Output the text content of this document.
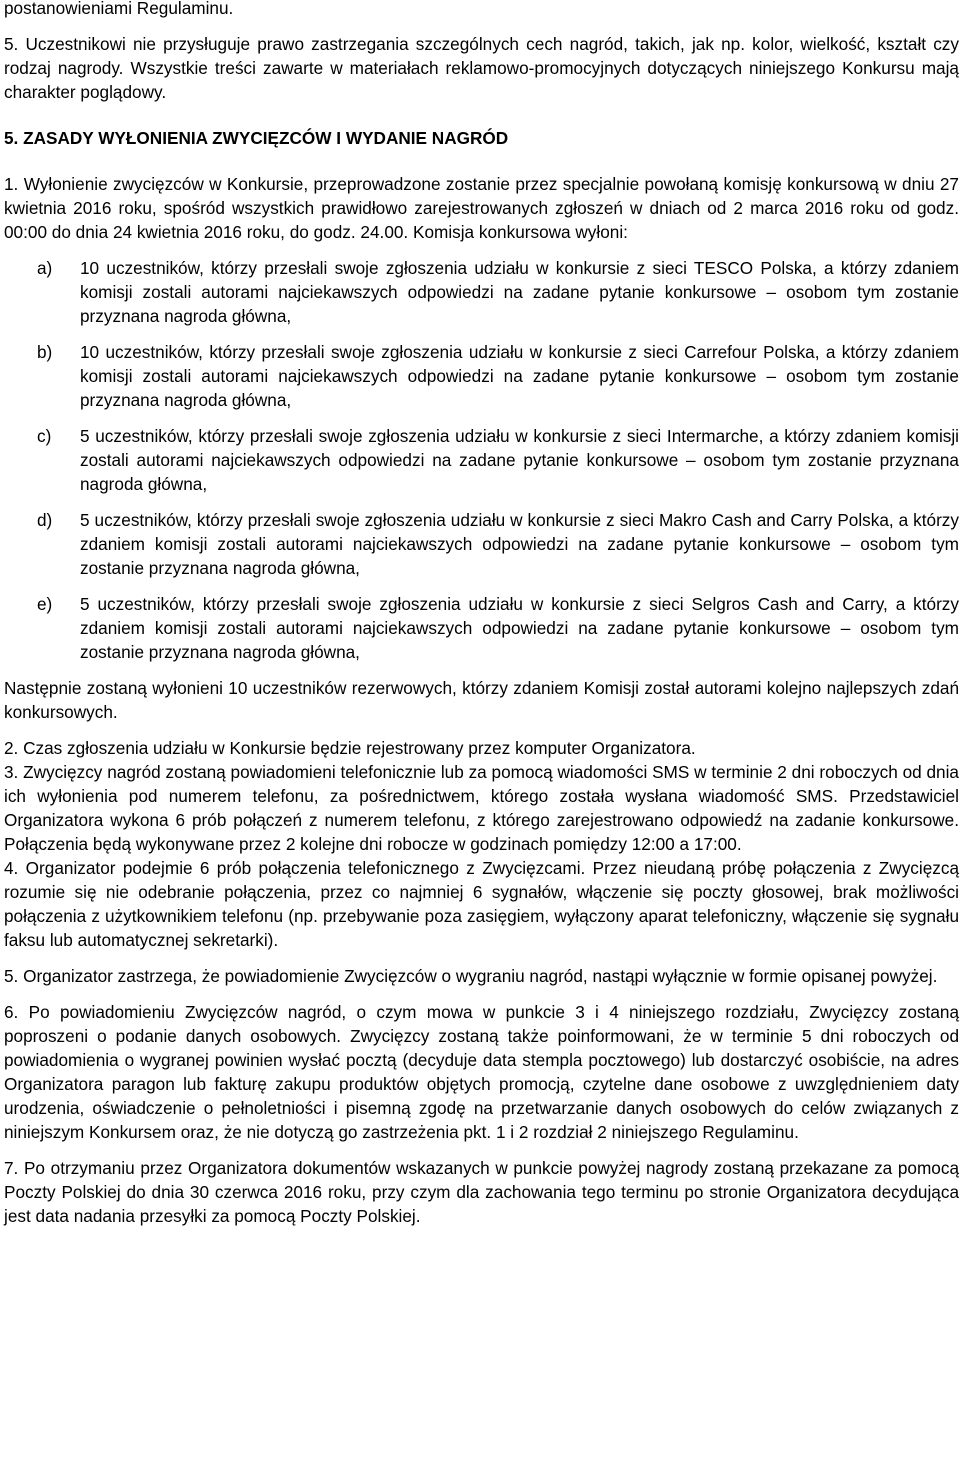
postanowieniami Regulaminu.

5. Uczestnikowi nie przysługuje prawo zastrzegania szczególnych cech nagród, takich, jak np. kolor, wielkość, kształt czy rodzaj nagrody. Wszystkie treści zawarte w materiałach reklamowo-promocyjnych dotyczących niniejszego Konkursu mają charakter poglądowy.

5. ZASADY WYŁONIENIA ZWYCIĘZCÓW I WYDANIE NAGRÓD

1. Wyłonienie zwycięzców w Konkursie, przeprowadzone zostanie przez specjalnie powołaną komisję konkursową w dniu 27 kwietnia 2016 roku, spośród wszystkich prawidłowo zarejestrowanych zgłoszeń w dniach od 2 marca 2016 roku od godz. 00:00 do dnia 24 kwietnia 2016 roku, do godz. 24.00. Komisja konkursowa wyłoni:

a)	10 uczestników, którzy przesłali swoje zgłoszenia udziału w konkursie z sieci TESCO Polska, a którzy zdaniem komisji zostali autorami najciekawszych odpowiedzi na zadane pytanie konkursowe – osobom tym zostanie przyznana nagroda główna,
b)	10 uczestników, którzy przesłali swoje zgłoszenia udziału w konkursie z sieci Carrefour Polska, a którzy zdaniem komisji zostali autorami najciekawszych odpowiedzi na zadane pytanie konkursowe – osobom tym zostanie przyznana nagroda główna,
c)	5 uczestników, którzy przesłali swoje zgłoszenia udziału w konkursie z sieci Intermarche, a którzy zdaniem komisji zostali autorami najciekawszych odpowiedzi na zadane pytanie konkursowe – osobom tym zostanie przyznana nagroda główna,
d)	5 uczestników, którzy przesłali swoje zgłoszenia udziału w konkursie z sieci Makro Cash and Carry Polska, a którzy zdaniem komisji zostali autorami najciekawszych odpowiedzi na zadane pytanie konkursowe – osobom tym zostanie przyznana nagroda główna,
e)	5 uczestników, którzy przesłali swoje zgłoszenia udziału w konkursie z sieci Selgros Cash and Carry, a którzy zdaniem komisji zostali autorami najciekawszych odpowiedzi na zadane pytanie konkursowe – osobom tym zostanie przyznana nagroda główna,

Następnie zostaną wyłonieni 10 uczestników rezerwowych, którzy zdaniem Komisji został autorami kolejno najlepszych zdań konkursowych.

2. Czas zgłoszenia udziału w Konkursie będzie rejestrowany przez komputer Organizatora.

3. Zwycięzcy nagród zostaną powiadomieni telefonicznie lub za pomocą wiadomości SMS w terminie 2 dni roboczych od dnia ich wyłonienia pod numerem telefonu, za pośrednictwem, którego została wysłana wiadomość SMS. Przedstawiciel Organizatora wykona 6 prób połączeń z numerem telefonu, z którego zarejestrowano odpowiedź na zadanie konkursowe. Połączenia będą wykonywane przez 2 kolejne dni robocze w godzinach pomiędzy 12:00 a 17:00.

4. Organizator podejmie 6 prób połączenia telefonicznego z Zwycięzcami. Przez nieudaną próbę połączenia z Zwycięzcą rozumie się nie odebranie połączenia, przez co najmniej 6 sygnałów, włączenie się poczty głosowej, brak możliwości połączenia z użytkownikiem telefonu (np. przebywanie poza zasięgiem, wyłączony aparat telefoniczny, włączenie się sygnału faksu lub automatycznej sekretarki).

5. Organizator zastrzega, że powiadomienie Zwycięzców o wygraniu nagród, nastąpi wyłącznie w formie opisanej powyżej.

6. Po powiadomieniu Zwycięzców nagród, o czym mowa w punkcie 3 i 4 niniejszego rozdziału, Zwycięzcy zostaną poproszeni o podanie danych osobowych. Zwycięzcy zostaną także poinformowani, że w terminie 5 dni roboczych od powiadomienia o wygranej powinien wysłać pocztą (decyduje data stempla pocztowego) lub dostarczyć osobiście, na adres Organizatora paragon lub fakturę zakupu produktów objętych promocją, czytelne dane osobowe z uwzględnieniem daty urodzenia, oświadczenie o pełnoletniości i pisemną zgodę na przetwarzanie danych osobowych do celów związanych z niniejszym Konkursem oraz, że nie dotyczą go zastrzeżenia pkt. 1 i 2 rozdział 2 niniejszego Regulaminu.

7. Po otrzymaniu przez Organizatora dokumentów wskazanych w punkcie powyżej nagrody zostaną przekazane za pomocą Poczty Polskiej do dnia 30 czerwca 2016 roku, przy czym dla zachowania tego terminu po stronie Organizatora decydująca jest data nadania przesyłki za pomocą Poczty Polskiej.
